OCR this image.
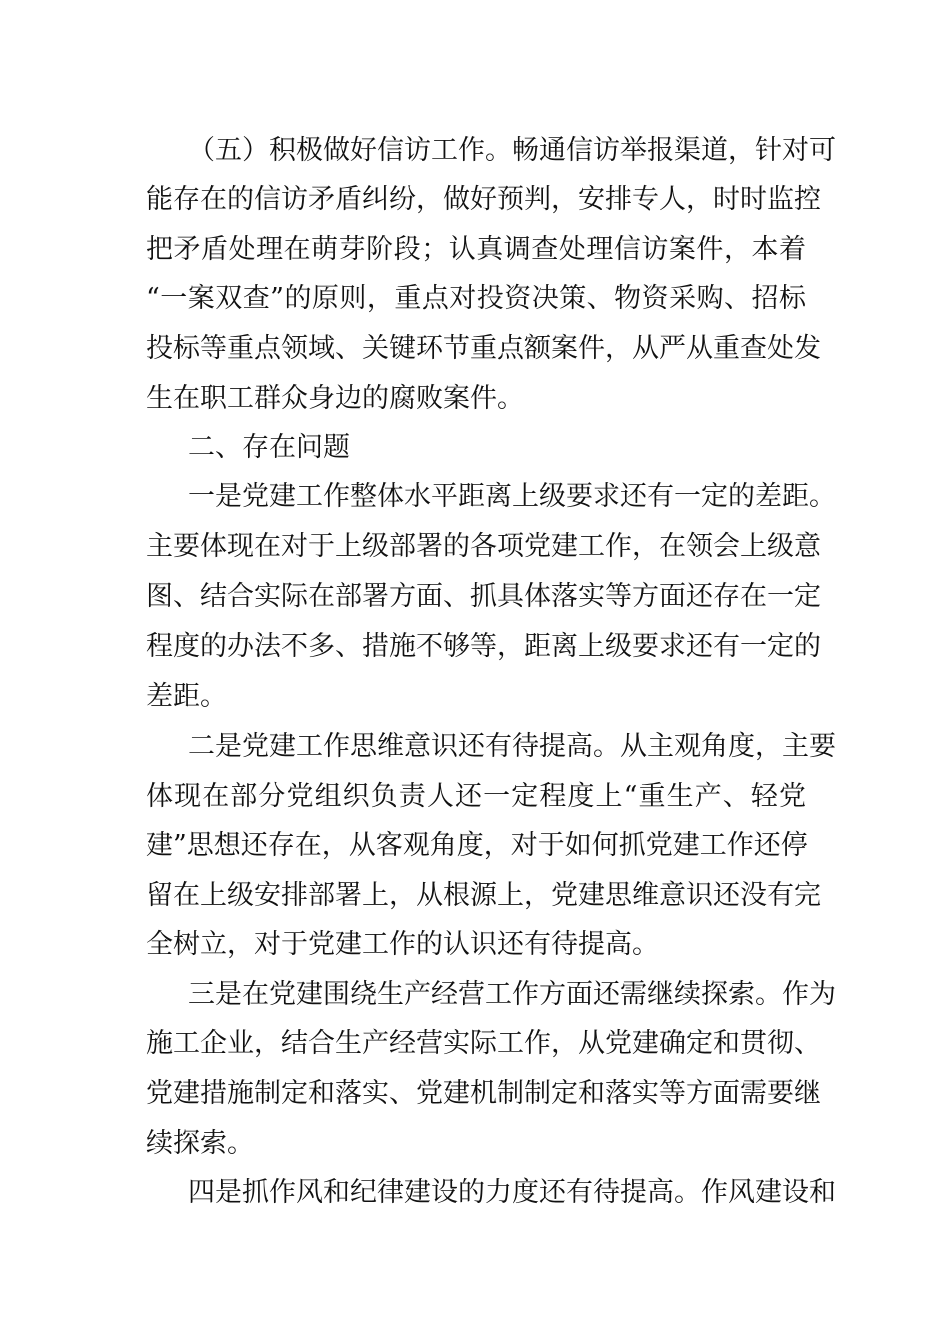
（五）积极做好信访工作。畅通信访举报渠道，针对可
能存在的信访矛盾纠纷，做好预判，安排专人，时时监控
把矛盾处理在萌芽阶段；认真调查处理信访案件，本着
“一案双查”的原则，重点对投资决策、物资采购、招标
投标等重点领域、关键环节重点额案件，从严从重查处发
生在职工群众身边的腐败案件。
二、存在问题
一是党建工作整体水平距离上级要求还有一定的差距。
主要体现在对于上级部署的各项党建工作，在领会上级意
图、结合实际在部署方面、抓具体落实等方面还存在一定
程度的办法不多、措施不够等，距离上级要求还有一定的
差距。
二是党建工作思维意识还有待提高。从主观角度，主要
体现在部分党组织负责人还一定程度上“重生产、轻党
建”思想还存在，从客观角度，对于如何抓党建工作还停
留在上级安排部署上，从根源上，党建思维意识还没有完
全树立，对于党建工作的认识还有待提高。
三是在党建围绕生产经营工作方面还需继续探索。作为
施工企业，结合生产经营实际工作，从党建确定和贯彻、
党建措施制定和落实、党建机制制定和落实等方面需要继
续探索。
四是抓作风和纪律建设的力度还有待提高。作风建设和
